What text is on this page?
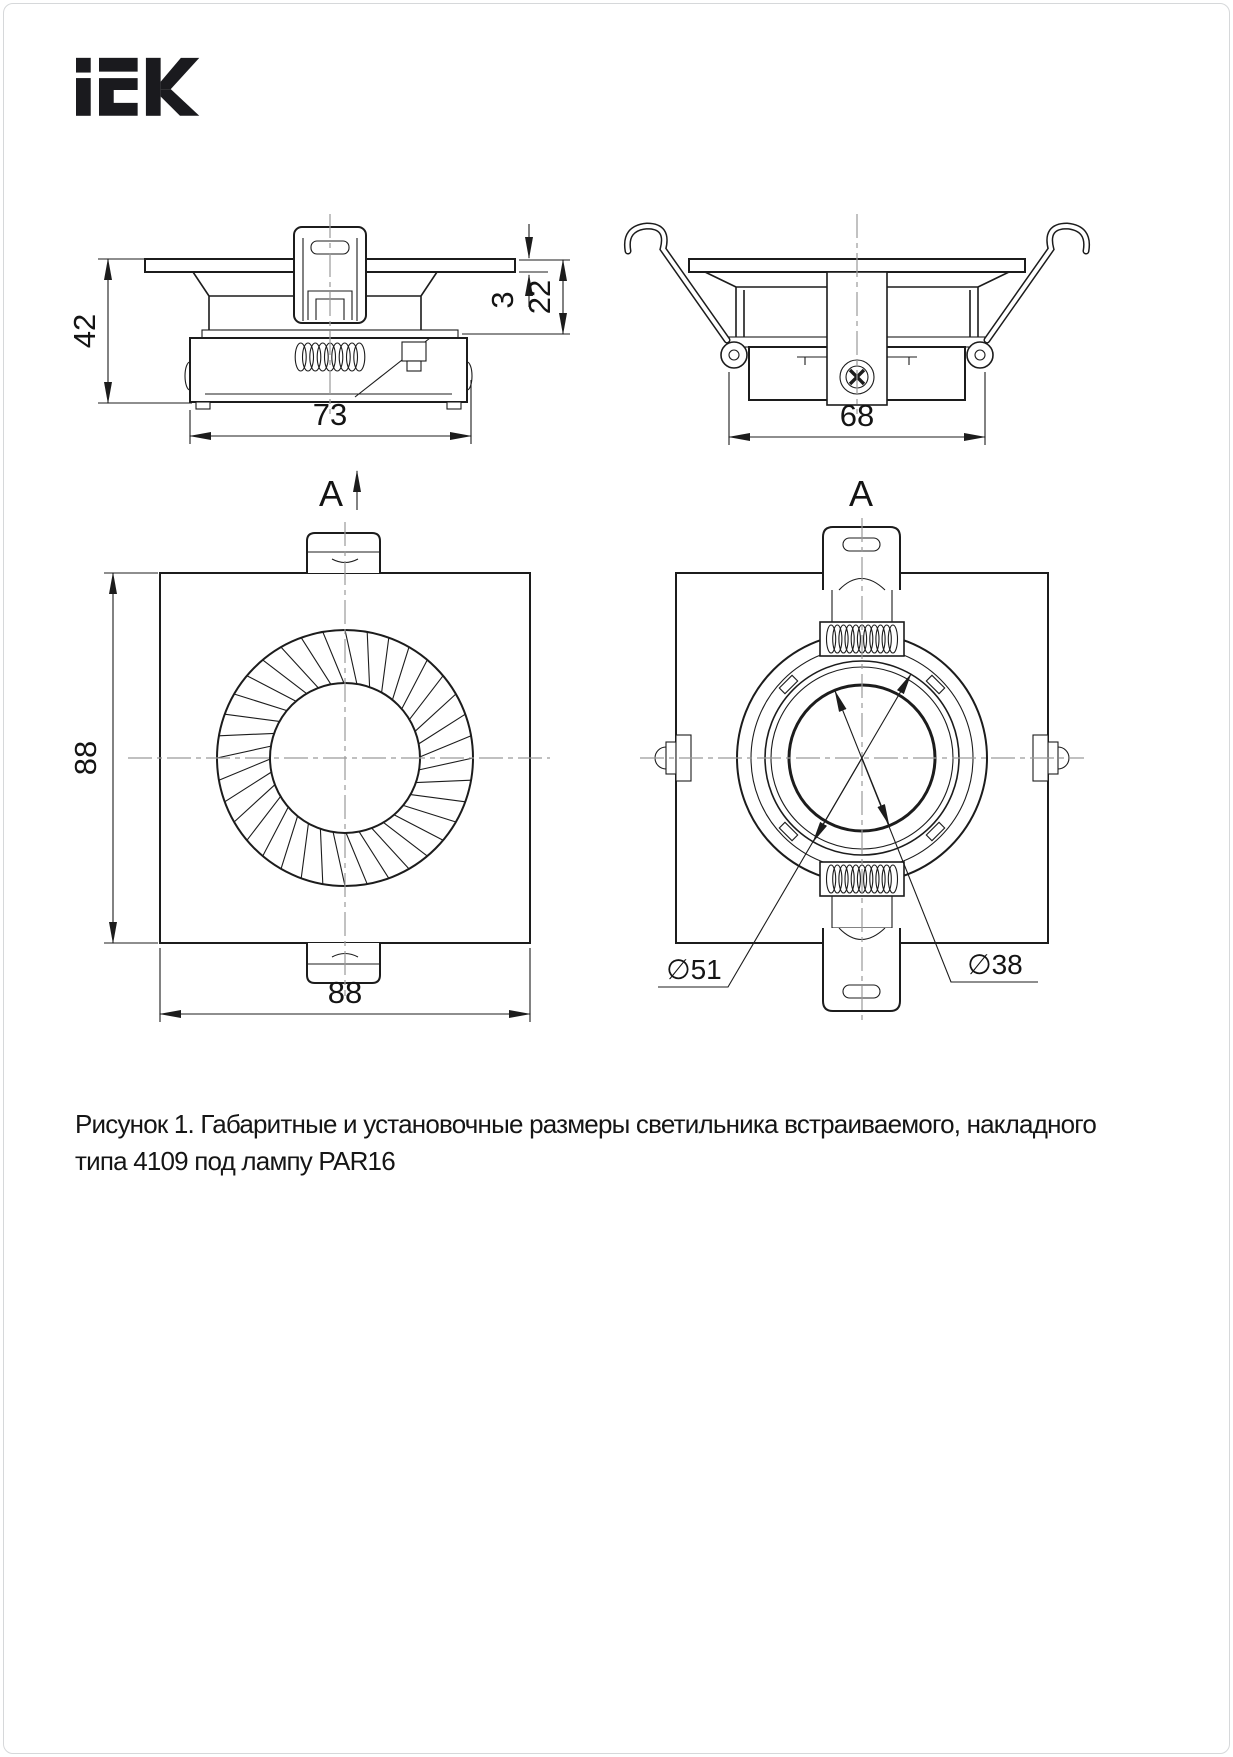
42
73
3 22
A
68
88
88
A
∅51	∅38
Рисунок 1. Габаритные и установочные размеры светильника встраиваемого, накладного
типа 4109 под лампу PAR16
